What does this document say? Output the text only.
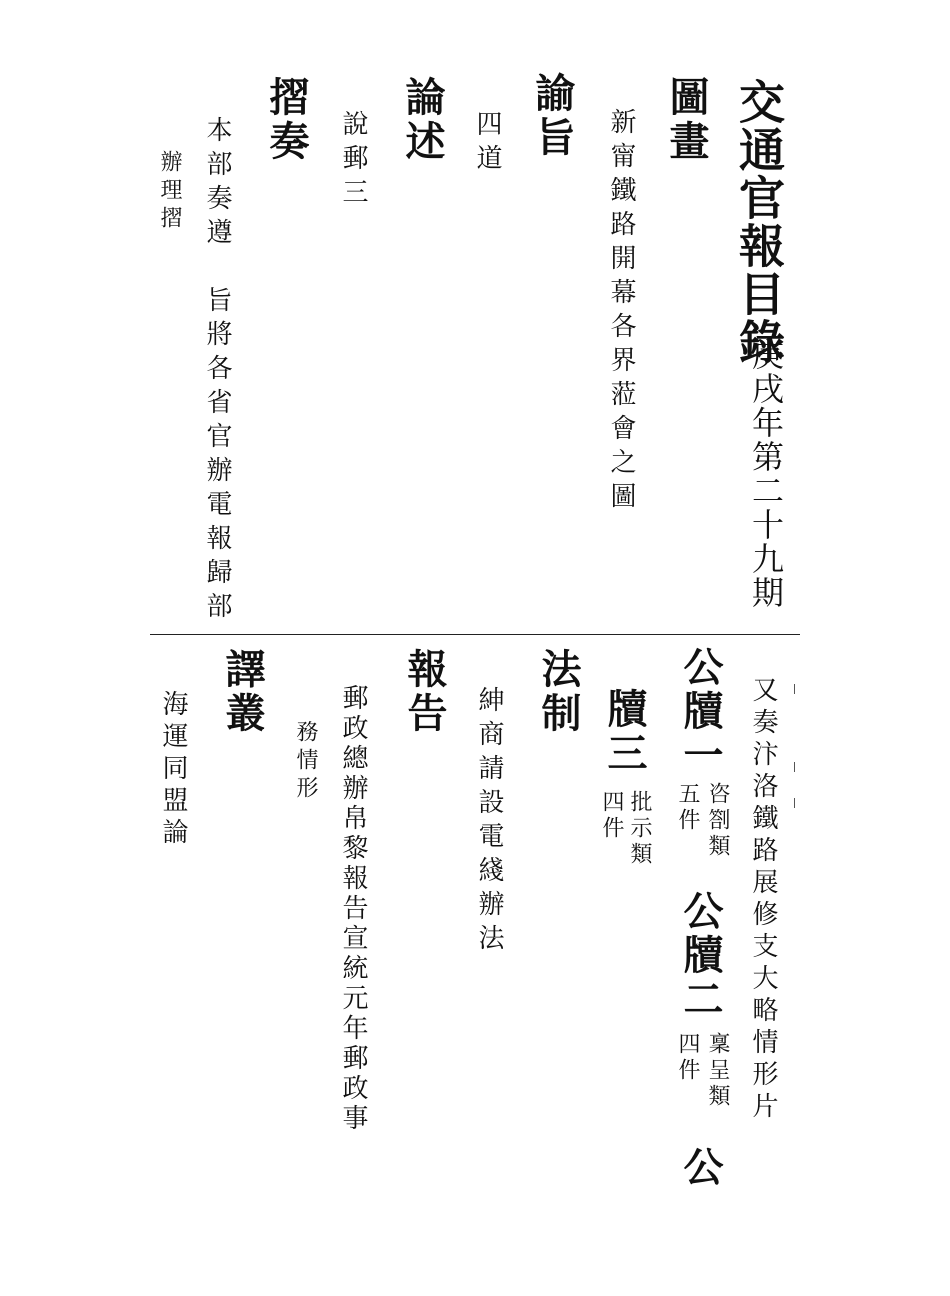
交通官報目錄
庚戌年第二十九期
圖畫
新甯鐵路開幕各界蒞會之圖
諭旨
四道
論述
說郵三
摺奏
本部奏遵　旨將各省官辦電報歸部
辦理摺
又奏汴洛鐵路展修支大略情形片
公牘一
咨劄類
五件
公牘二
稟呈類
四件
公
牘三
批示類
四件
法制
紳商請設電綫辦法
報告
郵政總辦帛黎報告宣統元年郵政事
務情形
譯叢
海運同盟論
